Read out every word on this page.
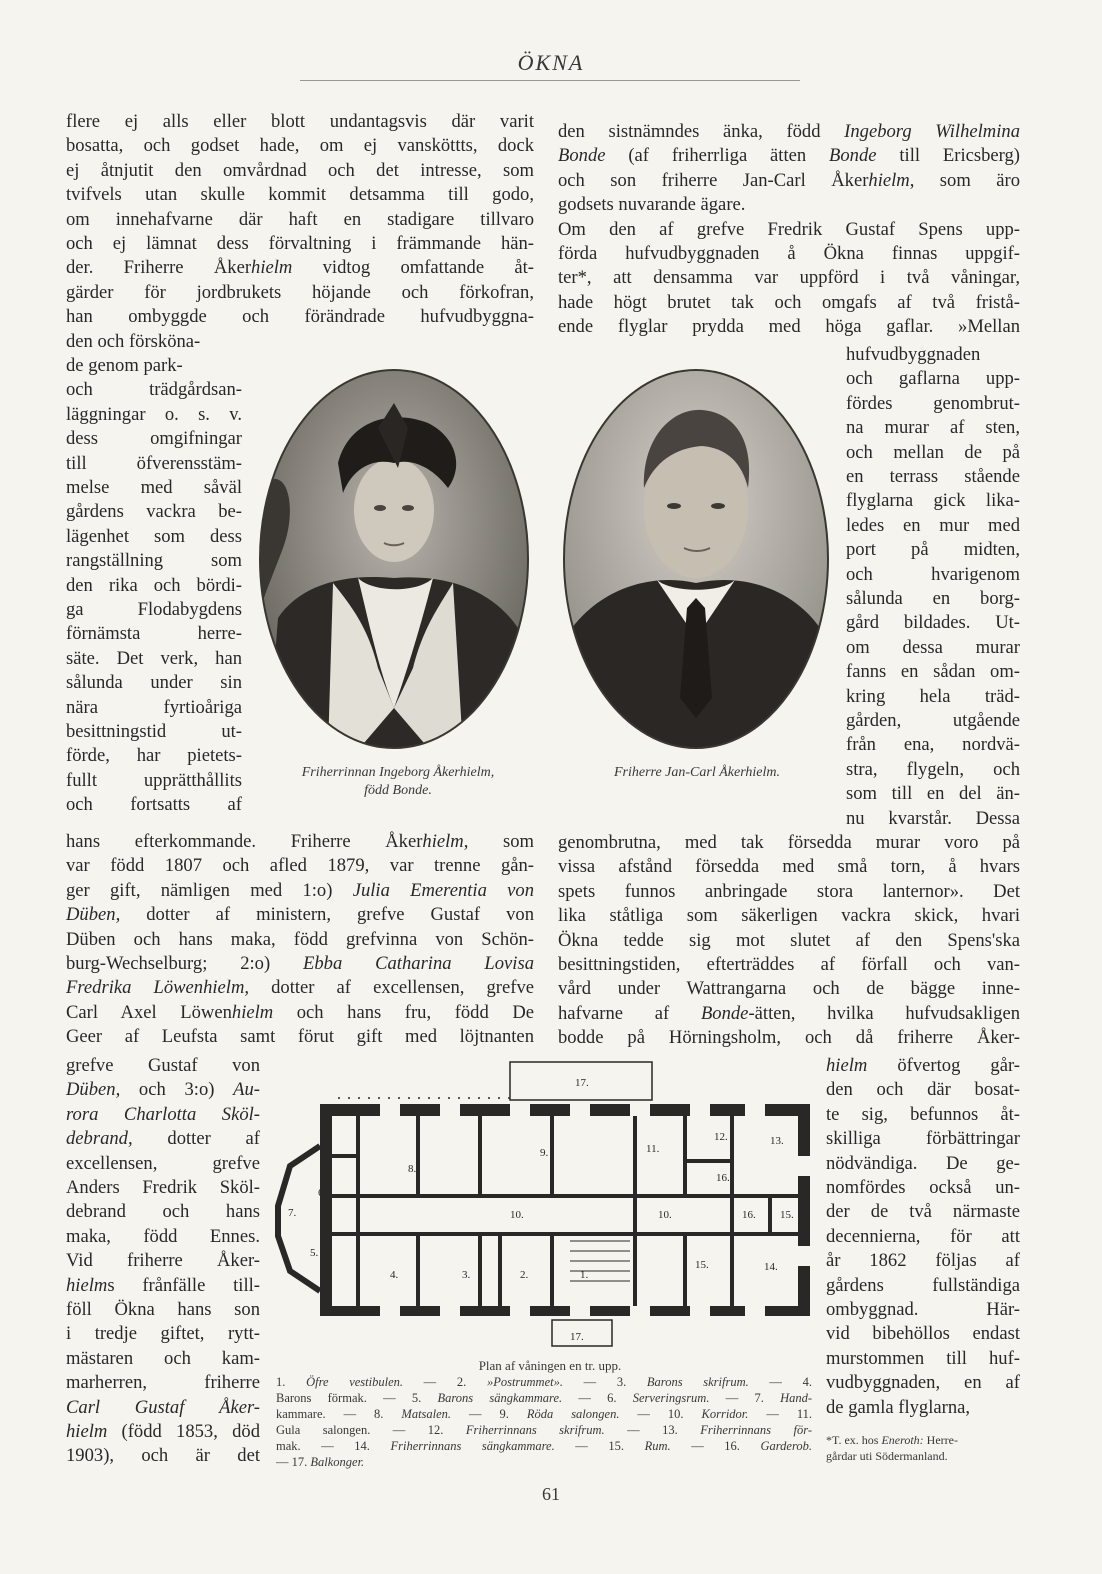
ÖKNA
flere ej alls eller blott undantagsvis där varit
bosatta, och godset hade, om ej vansköttts, dock
ej åtnjutit den omvårdnad och det intresse, som
tvifvels utan skulle kommit detsamma till godo,
om innehafvarne där haft en stadigare tillvaro
och ej lämnat dess förvaltning i främmande hän-
der. Friherre Åkerhielm vidtog omfattande åt-
gärder för jordbrukets höjande och förkofran,
han ombyggde och förändrade hufvudbyggna-
den och försköna-
de genom park-
och trädgårdsan-
läggningar o. s. v.
dess omgifningar
till öfverensstäm-
melse med såväl
gårdens vackra be-
lägenhet som dess
rangställning som
den rika och bördi-
ga Flodabygdens
förnämsta herre-
säte. Det verk, han
sålunda under sin
nära fyrtioåriga
besittningstid ut-
förde, har pietets-
fullt upprätthållits
och fortsatts af
hans efterkommande. Friherre Åkerhielm, som
var född 1807 och afled 1879, var trenne gån-
ger gift, nämligen med 1:o) Julia Emerentia von
Düben, dotter af ministern, grefve Gustaf von
Düben och hans maka, född grefvinna von Schön-
burg-Wechselburg; 2:o) Ebba Catharina Lovisa
Fredrika Löwenhielm, dotter af excellensen, grefve
Carl Axel Löwenhielm och hans fru, född De
Geer af Leufsta samt förut gift med löjtnanten
grefve Gustaf von
Düben, och 3:o) Au-
rora Charlotta Sköl-
debrand, dotter af
excellensen, grefve
Anders Fredrik Sköl-
debrand och hans
maka, född Ennes.
Vid friherre Åker-
hielms frånfälle till-
föll Ökna hans son
i tredje giftet, rytt-
mästaren och kam-
marherren, friherre
Carl Gustaf Åker-
hielm (född 1853, död
1903), och är det
den sistnämndes änka, född Ingeborg Wilhelmina
Bonde (af friherrliga ätten Bonde till Ericsberg)
och son friherre Jan-Carl Åkerhielm, som äro
godsets nuvarande ägare.
Om den af grefve Fredrik Gustaf Spens upp-
förda hufvudbyggnaden å Ökna finnas uppgif-
ter*, att densamma var uppförd i två våningar,
hade högt brutet tak och omgafs af två fristå-
ende flyglar prydda med höga gaflar. »Mellan
hufvudbyggnaden
och gaflarna upp-
fördes genombrut-
na murar af sten,
och mellan de på
en terrass stående
flyglarna gick lika-
ledes en mur med
port på midten,
och hvarigenom
sålunda en borg-
gård bildades. Ut-
om dessa murar
fanns en sådan om-
kring hela träd-
gården, utgående
från ena, nordvä-
stra, flygeln, och
som till en del än-
nu kvarstår. Dessa
genombrutna, med tak försedda murar voro på
vissa afstånd försedda med små torn, å hvars
spets funnos anbringade stora lanternor». Det
lika ståtliga som säkerligen vackra skick, hvari
Ökna tedde sig mot slutet af den Spens'ska
besittningstiden, efterträddes af förfall och van-
vård under Wattrangarna och de bägge inne-
hafvarne af Bonde-ätten, hvilka hufvudsakligen
bodde på Hörningsholm, och då friherre Åker-
hielm öfvertog går-
den och där bosat-
te sig, befunnos åt-
skilliga förbättringar
nödvändiga. De ge-
nomfördes också un-
der de två närmaste
decennierna, för att
år 1862 följas af
gårdens fullständiga
ombyggnad. Här-
vid bibehöllos endast
murstommen till huf-
vudbyggnaden, en af
de gamla flyglarna,
Friherrinnan Ingeborg Åkerhielm,
född Bonde.
Friherre Jan-Carl Åkerhielm.
1.
2.
3.
4.
5.
6.
7.
8.
9.
10.	10.
11.
12.	13.
14.
15.
15.
16.
16.
17.
17.
Plan af våningen en tr. upp.
1. Öfre vestibulen. — 2. »Postrummet». — 3. Barons skrifrum. — 4.
Barons förmak. — 5. Barons sängkammare. — 6. Serveringsrum. — 7. Hand-
kammare. — 8. Matsalen. — 9. Röda salongen. — 10. Korridor. — 11.
Gula salongen. — 12. Friherrinnans skrifrum. — 13. Friherrinnans för-
mak. — 14. Friherrinnans sängkammare. — 15. Rum. — 16. Garderob.
— 17. Balkonger.
*T. ex. hos Eneroth: Herre-
gårdar uti Södermanland.
61
